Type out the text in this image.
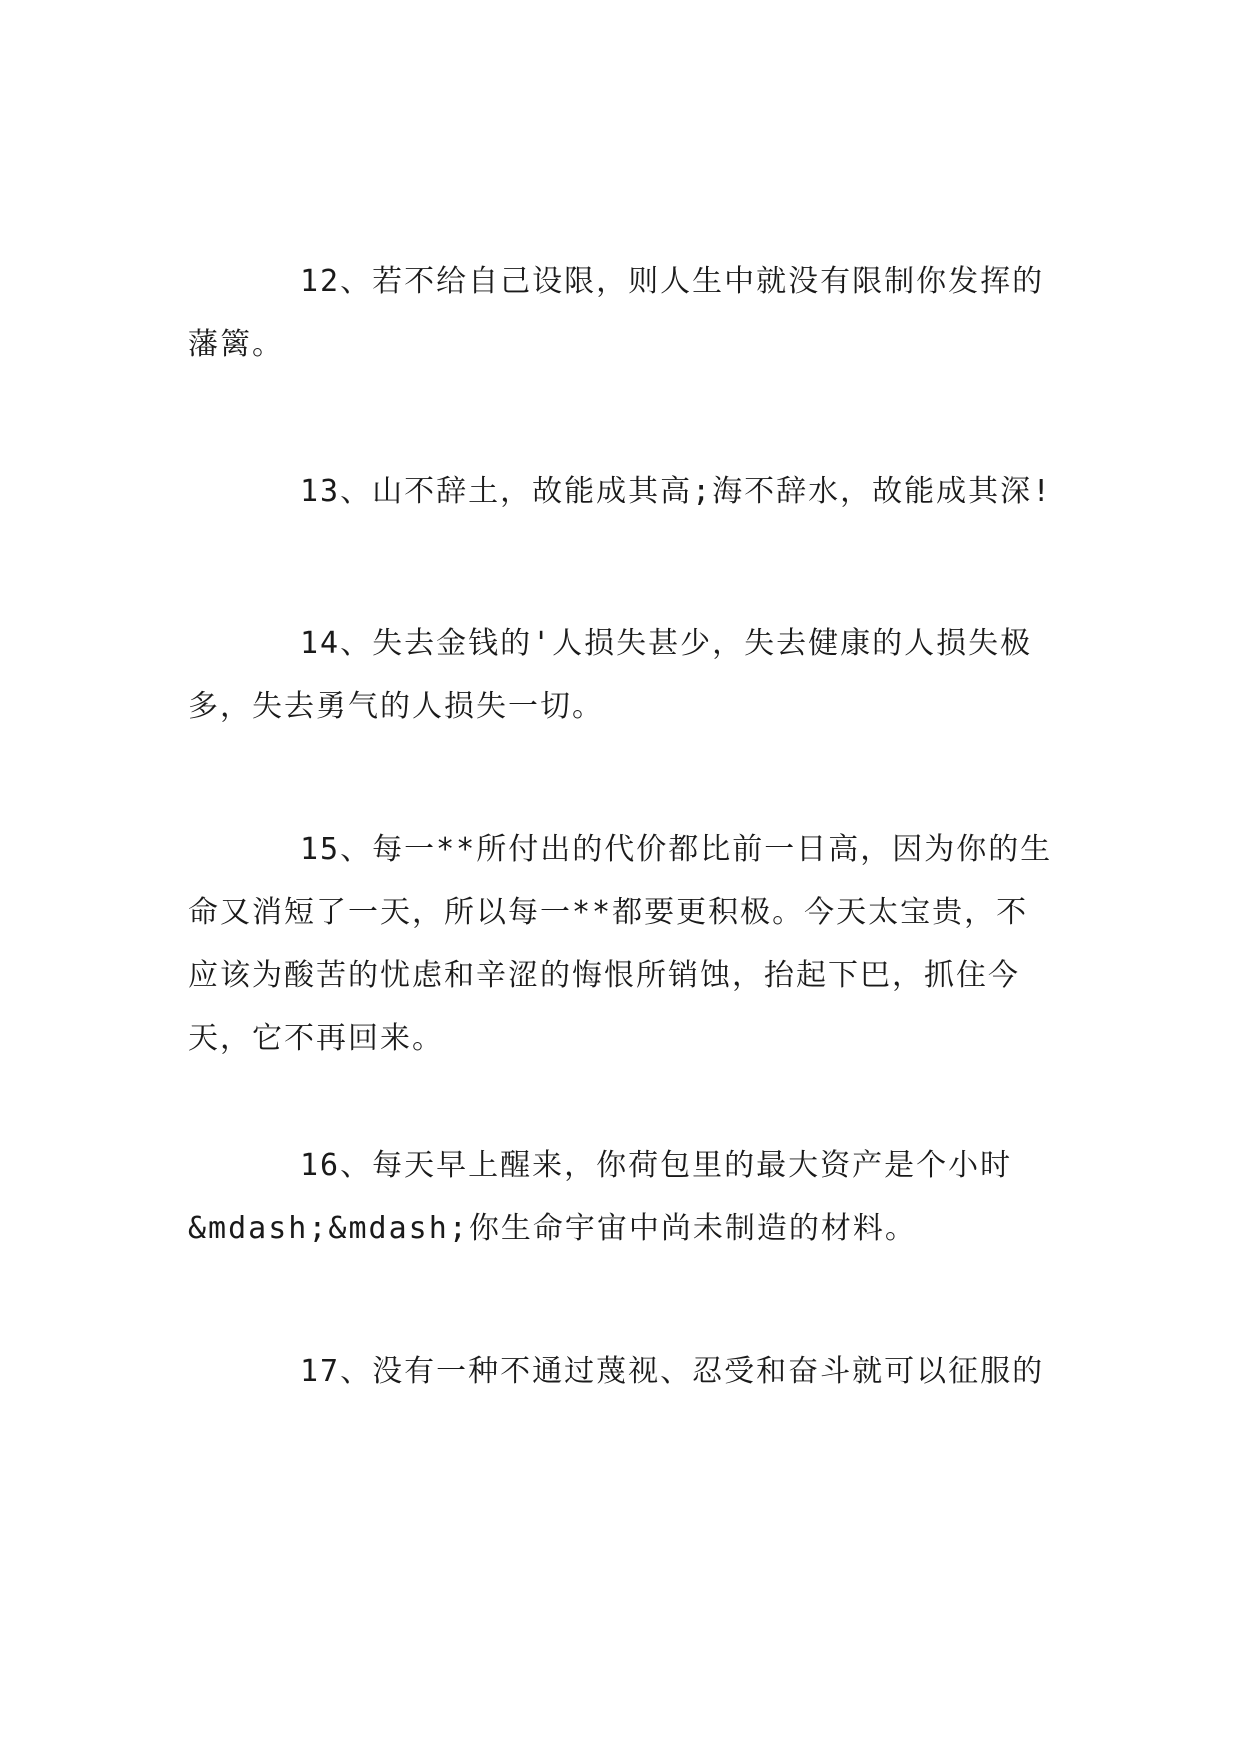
12、若不给自己设限，则人生中就没有限制你发挥的
藩篱。
13、山不辞土，故能成其高;海不辞水，故能成其深!
14、失去金钱的'人损失甚少，失去健康的人损失极
多，失去勇气的人损失一切。
15、每一**所付出的代价都比前一日高，因为你的生
命又消短了一天，所以每一**都要更积极。今天太宝贵，不
应该为酸苦的忧虑和辛涩的悔恨所销蚀，抬起下巴，抓住今
天，它不再回来。
16、每天早上醒来，你荷包里的最大资产是个小时
&mdash;&mdash;你生命宇宙中尚未制造的材料。
17、没有一种不通过蔑视、忍受和奋斗就可以征服的
